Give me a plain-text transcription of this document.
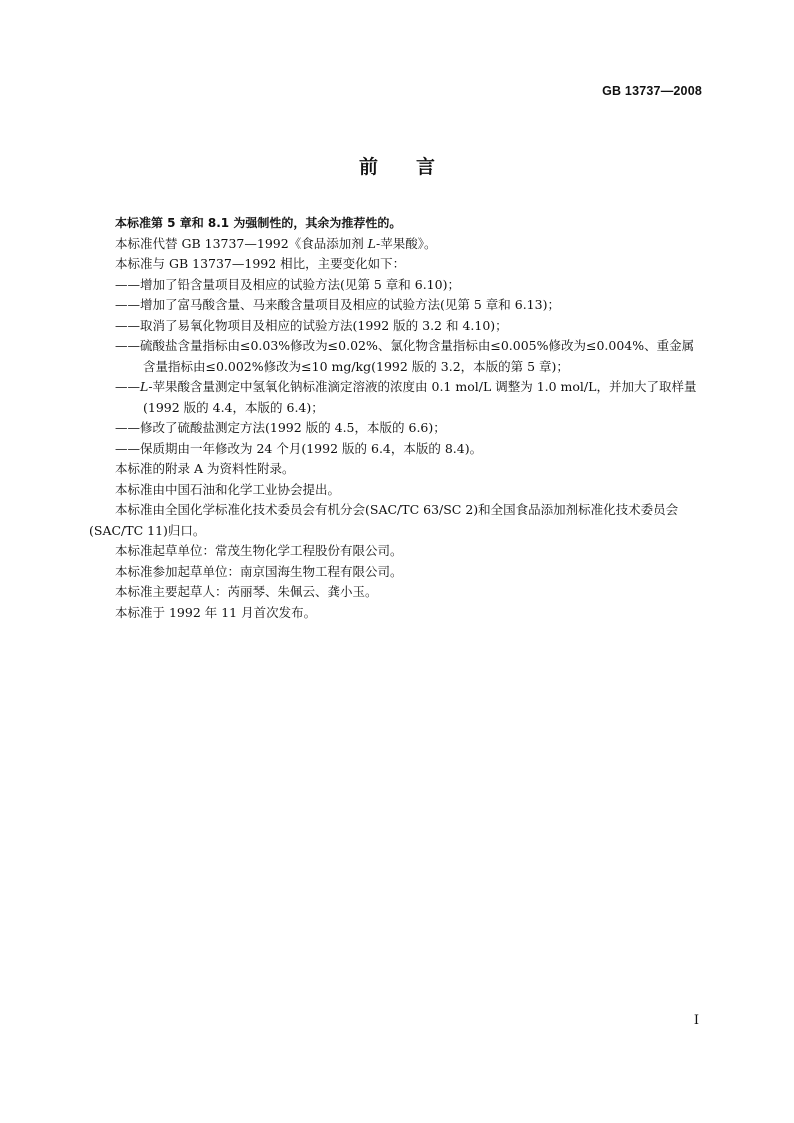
GB 13737—2008
前言

本标准第 5 章和 8.1 为强制性的，其余为推荐性的。

本标准代替 GB 13737—1992《食品添加剂 L-苹果酸》。

本标准与 GB 13737—1992 相比，主要变化如下：

——增加了铅含量项目及相应的试验方法(见第 5 章和 6.10)；

——增加了富马酸含量、马来酸含量项目及相应的试验方法(见第 5 章和 6.13)；

——取消了易氧化物项目及相应的试验方法(1992 版的 3.2 和 4.10)；

——硫酸盐含量指标由≤0.03%修改为≤0.02%、氯化物含量指标由≤0.005%修改为≤0.004%、重金属含量指标由≤0.002%修改为≤10 mg/kg(1992 版的 3.2，本版的第 5 章)；

——L-苹果酸含量测定中氢氧化钠标准滴定溶液的浓度由 0.1 mol/L 调整为 1.0 mol/L，并加大了取样量(1992 版的 4.4，本版的 6.4)；

——修改了硫酸盐测定方法(1992 版的 4.5，本版的 6.6)；

——保质期由一年修改为 24 个月(1992 版的 6.4，本版的 8.4)。

本标准的附录 A 为资料性附录。

本标准由中国石油和化学工业协会提出。

本标准由全国化学标准化技术委员会有机分会(SAC/TC 63/SC 2)和全国食品添加剂标准化技术委员会(SAC/TC 11)归口。

本标准起草单位：常茂生物化学工程股份有限公司。

本标准参加起草单位：南京国海生物工程有限公司。

本标准主要起草人：芮丽琴、朱佩云、龚小玉。

本标准于 1992 年 11 月首次发布。

I
